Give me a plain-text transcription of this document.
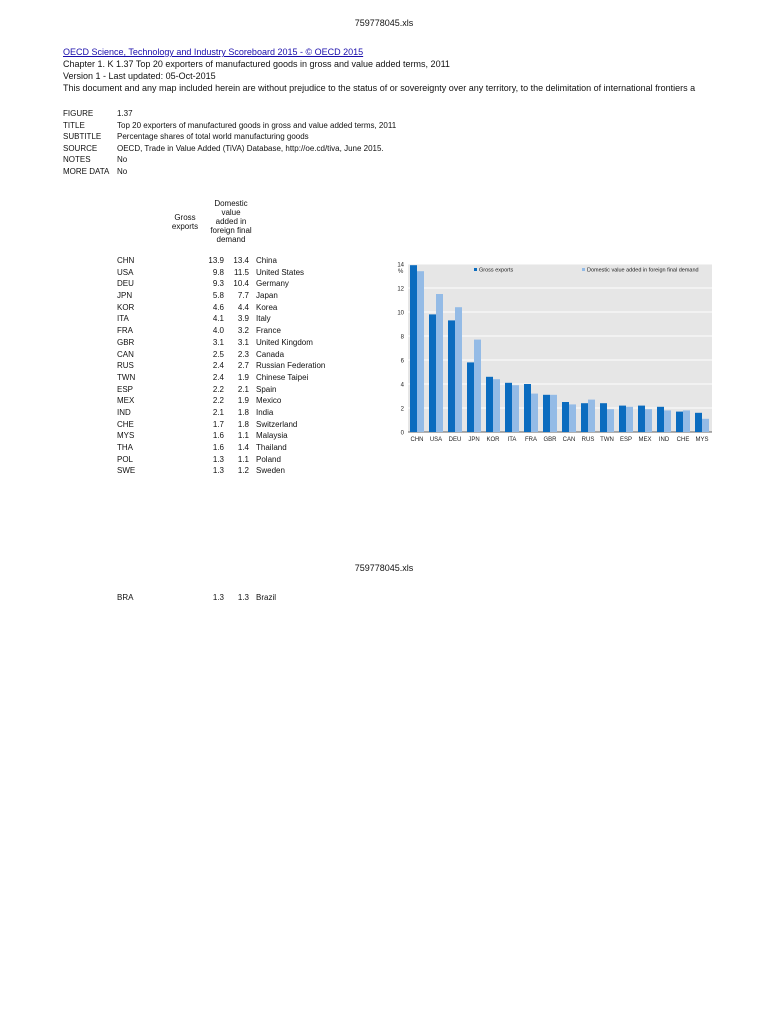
759778045.xls
OECD Science, Technology and Industry Scoreboard 2015 - © OECD 2015
Chapter 1. K 1.37 Top 20 exporters of manufactured goods in gross and value added terms, 2011
Version 1 - Last updated: 05-Oct-2015
This document and any map included herein are without prejudice to the status of or sovereignty over any territory, to the delimitation of international frontiers a
FIGURE	1.37
TITLE	Top 20 exporters of manufactured goods in gross and value added terms, 2011
SUBTITLE	Percentage shares of total world manufacturing goods
SOURCE	OECD, Trade in Value Added (TiVA) Database, http://oe.cd/tiva, June 2015.
NOTES	No
MORE DATA No
Gross
exports
Domestic
value
added in
foreign final
demand
CHN	13.9 13.4 China
USA	9.8 11.5 United States
DEU	9.3 10.4 Germany
JPN	5.8 7.7 Japan
KOR	4.6 4.4 Korea
ITA	4.1 3.9 Italy
FRA	4.0 3.2 France
GBR	3.1 3.1 United Kingdom
CAN	2.5 2.3 Canada
RUS	2.4 2.7 Russian Federation
TWN	2.4 1.9 Chinese Taipei
ESP	2.2 2.1 Spain
MEX	2.2 1.9 Mexico
IND	2.1 1.8 India
CHE	1.7 1.8 Switzerland
MYS	1.6 1.1 Malaysia
THA	1.6 1.4 Thailand
POL	1.3 1.1 Poland
SWE	1.3 1.2 Sweden
0
2
4
6
8
10
12
14
%
CHN USA DEU JPN KOR ITA FRA GBR CAN RUS TWN ESP MEX IND CHE MYS
Gross exports	Domestic value added in foreign final demand
759778045.xls
BRA	1.3 1.3 Brazil
